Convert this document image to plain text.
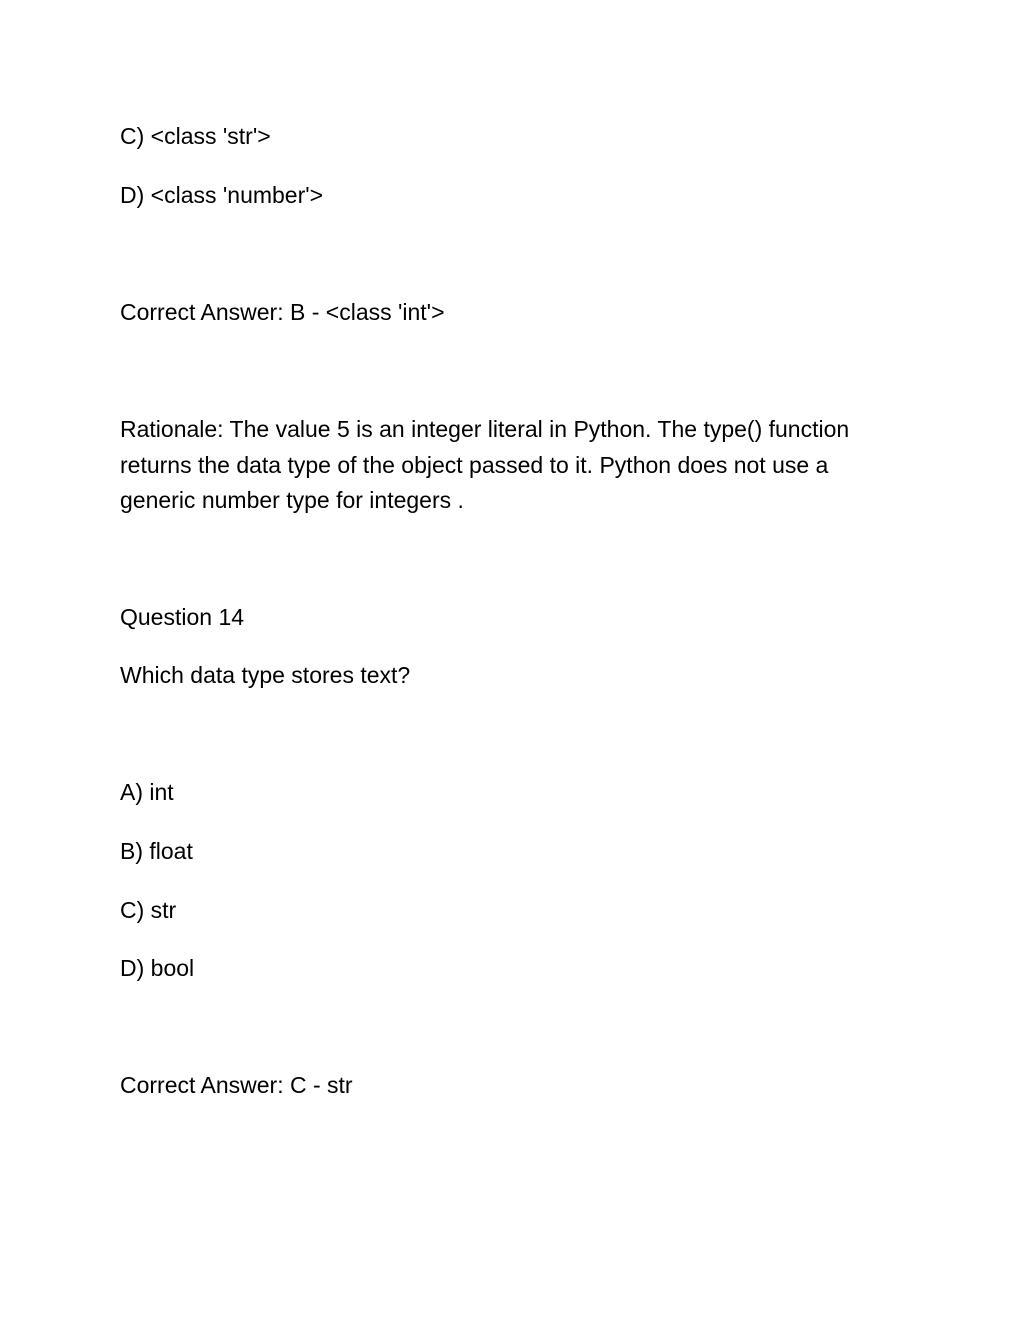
C) <class 'str'>

D) <class 'number'>

Correct Answer: B - <class 'int'>

Rationale: The value 5 is an integer literal in Python. The type() function
returns the data type of the object passed to it. Python does not use a
generic number type for integers .

Question 14

Which data type stores text?

A) int

B) float

C) str

D) bool

Correct Answer: C - str
